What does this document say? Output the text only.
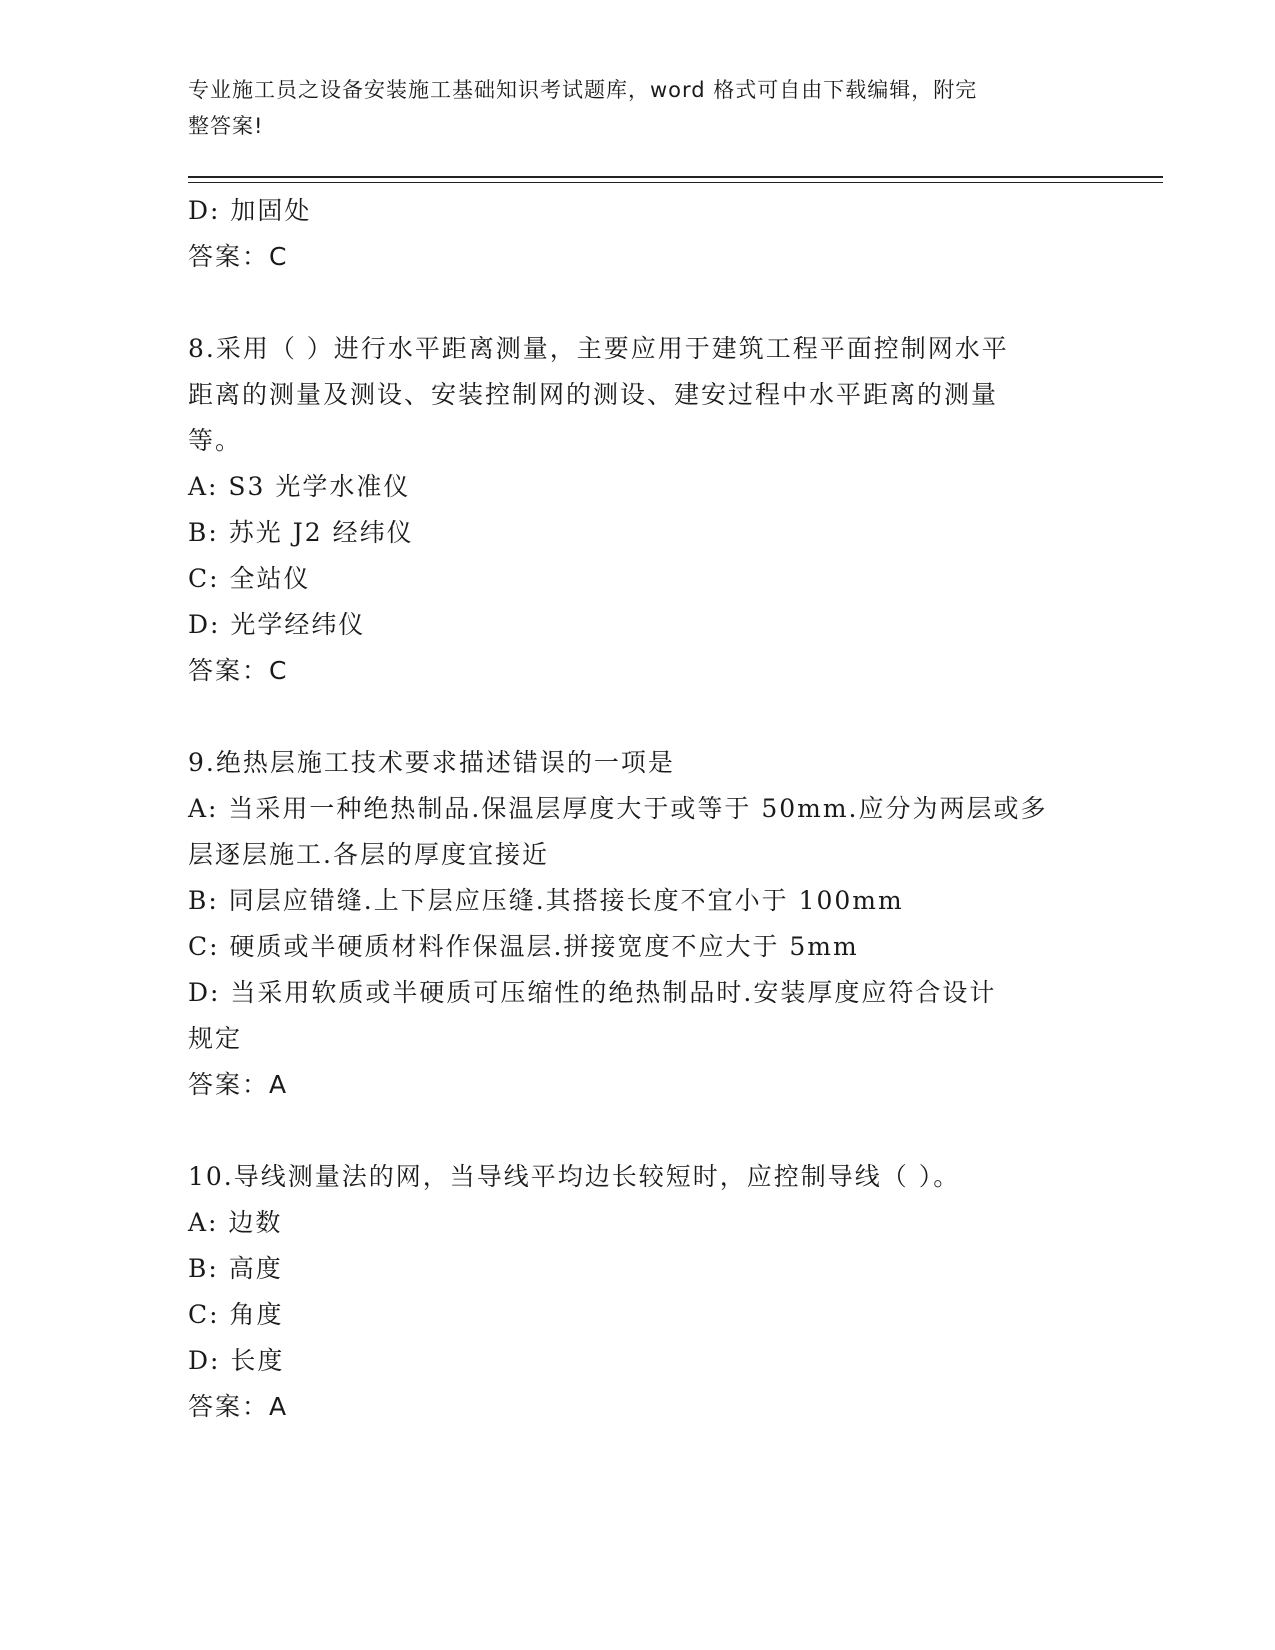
专业施工员之设备安装施工基础知识考试题库，word 格式可自由下载编辑，附完
整答案!
D: 加固处
答案：C
8.采用（ ）进行水平距离测量，主要应用于建筑工程平面控制网水平
距离的测量及测设、安装控制网的测设、建安过程中水平距离的测量
等。
A: S3 光学水准仪
B: 苏光 J2 经纬仪
C: 全站仪
D: 光学经纬仪
答案：C
9.绝热层施工技术要求描述错误的一项是
A: 当采用一种绝热制品.保温层厚度大于或等于 50mm.应分为两层或多
层逐层施工.各层的厚度宜接近
B: 同层应错缝.上下层应压缝.其搭接长度不宜小于 100mm
C: 硬质或半硬质材料作保温层.拼接宽度不应大于 5mm
D: 当采用软质或半硬质可压缩性的绝热制品时.安装厚度应符合设计
规定
答案：A
10.导线测量法的网，当导线平均边长较短时，应控制导线（ ）。
A: 边数
B: 高度
C: 角度
D: 长度
答案：A
